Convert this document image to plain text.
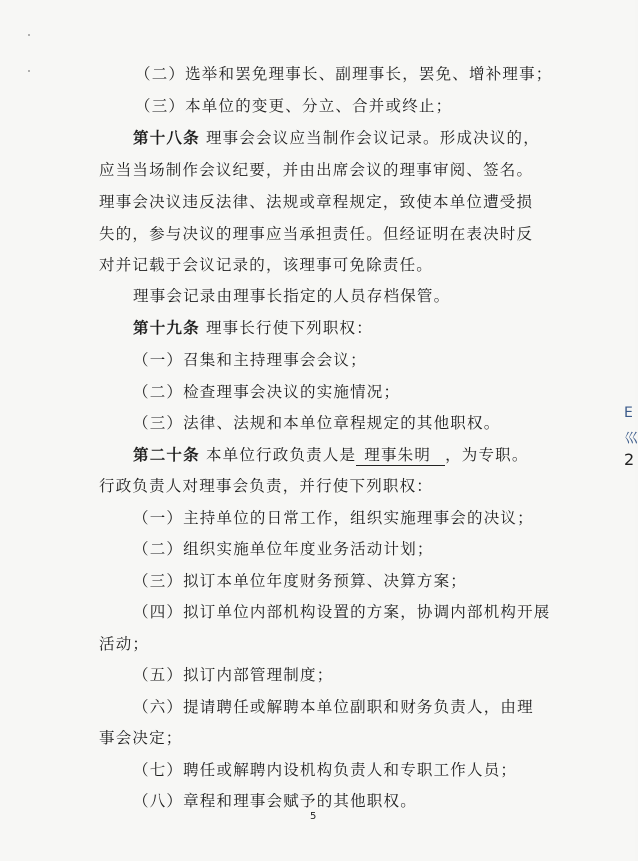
（二）选举和罢免理事长、副理事长，罢免、增补理事；
（三）本单位的变更、分立、合并或终止；
第十八条 理事会会议应当制作会议记录。形成决议的，
应当当场制作会议纪要，并由出席会议的理事审阅、签名。
理事会决议违反法律、法规或章程规定，致使本单位遭受损
失的，参与决议的理事应当承担责任。但经证明在表决时反
对并记载于会议记录的，该理事可免除责任。
理事会记录由理事长指定的人员存档保管。
第十九条 理事长行使下列职权：
（一）召集和主持理事会会议；
（二）检查理事会决议的实施情况；
（三）法律、法规和本单位章程规定的其他职权。
第二十条 本单位行政负责人是 理事朱明 ，为专职。
行政负责人对理事会负责，并行使下列职权：
（一）主持单位的日常工作，组织实施理事会的决议；
（二）组织实施单位年度业务活动计划；
（三）拟订本单位年度财务预算、决算方案；
（四）拟订单位内部机构设置的方案，协调内部机构开展
活动；
（五）拟订内部管理制度；
（六）提请聘任或解聘本单位副职和财务负责人，由理
事会决定；
（七）聘任或解聘内设机构负责人和专职工作人员；
（八）章程和理事会赋予的其他职权。
5
E
巛
2
